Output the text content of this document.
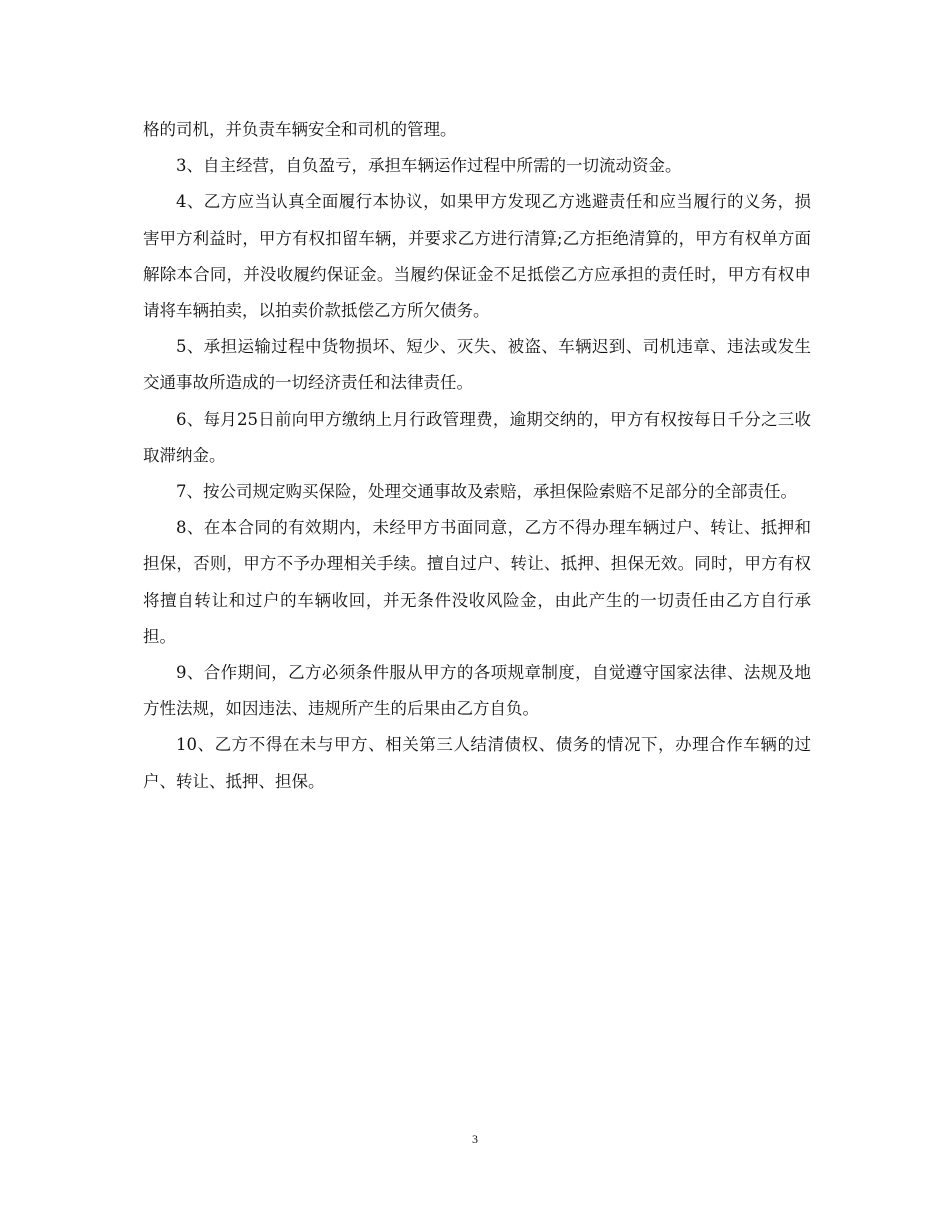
格的司机，并负责车辆安全和司机的管理。

3、自主经营，自负盈亏，承担车辆运作过程中所需的一切流动资金。

4、乙方应当认真全面履行本协议，如果甲方发现乙方逃避责任和应当履行的义务，损害甲方利益时，甲方有权扣留车辆，并要求乙方进行清算;乙方拒绝清算的，甲方有权单方面解除本合同，并没收履约保证金。当履约保证金不足抵偿乙方应承担的责任时，甲方有权申请将车辆拍卖，以拍卖价款抵偿乙方所欠债务。

5、承担运输过程中货物损坏、短少、灭失、被盗、车辆迟到、司机违章、违法或发生交通事故所造成的一切经济责任和法律责任。

6、每月25日前向甲方缴纳上月行政管理费，逾期交纳的，甲方有权按每日千分之三收取滞纳金。

7、按公司规定购买保险，处理交通事故及索赔，承担保险索赔不足部分的全部责任。

8、在本合同的有效期内，未经甲方书面同意，乙方不得办理车辆过户、转让、抵押和担保，否则，甲方不予办理相关手续。擅自过户、转让、抵押、担保无效。同时，甲方有权将擅自转让和过户的车辆收回，并无条件没收风险金，由此产生的一切责任由乙方自行承担。

9、合作期间，乙方必须条件服从甲方的各项规章制度，自觉遵守国家法律、法规及地方性法规，如因违法、违规所产生的后果由乙方自负。

10、乙方不得在未与甲方、相关第三人结清债权、债务的情况下，办理合作车辆的过户、转让、抵押、担保。

3
